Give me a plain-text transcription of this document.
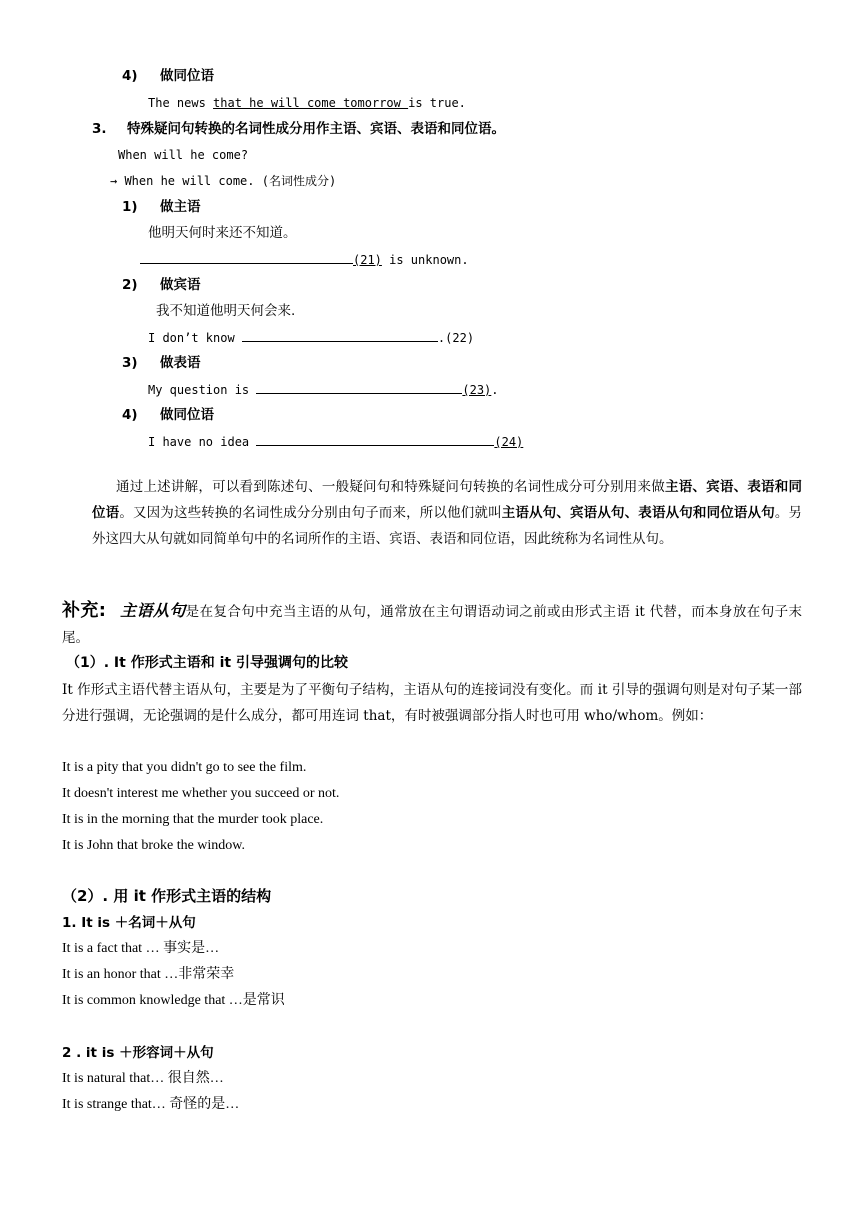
4) 做同位语
The news that he will come tomorrow is true.
3. 特殊疑问句转换的名词性成分用作主语、宾语、表语和同位语。
When will he come?
→ When he will come. (名词性成分)
1) 做主语
他明天何时来还不知道。
(21) is unknown.
2) 做宾语
我不知道他明天何会来.
I don’t know	.(22)
3) 做表语
My question is	(23).
4) 做同位语
I have no idea	(24)
通过上述讲解，可以看到陈述句、一般疑问句和特殊疑问句转换的名词性成分可分别用来做主语、宾语、表语和同位语。又因为这些转换的名词性成分分别由句子而来，所以他们就叫主语从句、宾语从句、表语从句和同位语从句。另外这四大从句就如同简单句中的名词所作的主语、宾语、表语和同位语，因此统称为名词性从句。
补充: 主语从句是在复合句中充当主语的从句，通常放在主句谓语动词之前或由形式主语 it 代替，而本身放在句子末尾。
（1）. It 作形式主语和 it 引导强调句的比较
It 作形式主语代替主语从句，主要是为了平衡句子结构，主语从句的连接词没有变化。而 it 引导的强调句则是对句子某一部分进行强调，无论强调的是什么成分，都可用连词 that，有时被强调部分指人时也可用 who/whom。例如：
It is a pity that you didn't go to see the film.
It doesn't interest me whether you succeed or not.
It is in the morning that the murder took place.
It is John that broke the window.
（2）. 用 it 作形式主语的结构
1. It is ＋名词＋从句
It is a fact that … 事实是…
It is an honor that …非常荣幸
It is common knowledge that …是常识
2 . it is ＋形容词＋从句
It is natural that… 很自然…
It is strange that… 奇怪的是…
